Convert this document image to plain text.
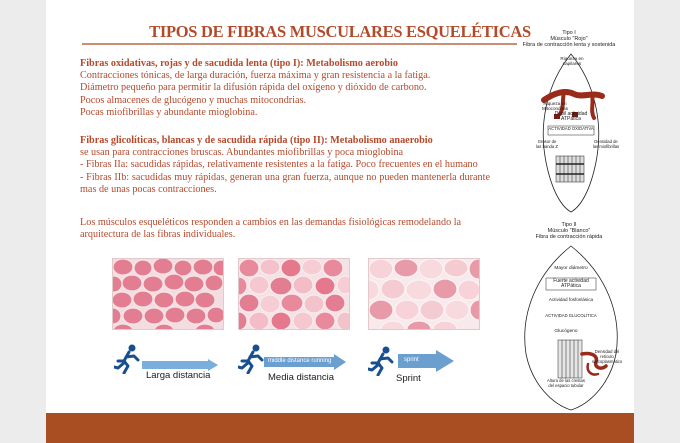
TIPOS DE FIBRAS MUSCULARES ESQUELÉTICAS
Fibras oxidativas, rojas y de sacudida lenta (tipo I): Metabolismo aerobio
Contracciones tónicas, de larga duración, fuerza máxima y gran resistencia a la fatiga.
Diámetro pequeño para permitir la difusión rápida del oxígeno y dióxido de carbono.
Pocos almacenes de glucógeno y muchas mitocondrias.
Pocas miofibrillas y abundante mioglobina.
Fibras glicolíticas, blancas y de sacudida rápida (tipo II): Metabolismo anaerobio
se usan para contracciones bruscas. Abundantes miofibrillas y poca mioglobina
- Fibras IIa: sacudidas rápidas, relativamente resistentes a la fatiga. Poco frecuentes en el humano
- Fibras IIb: sacudidas muy rápidas, generan una gran fuerza, aunque no pueden mantenerla durante mas de unas pocas contracciones.
Los músculos esqueléticos responden a cambios en las demandas fisiológicas remodelando la arquitectura de las fibras individuales.
Larga distancia
middle distance running
Media distancia
sprint
Sprint
Tipo I
Músculo "Rojo"
Fibra de contracción lenta y sostenida
Riqueza en capilares
Riqueza en Mitocondrias
Débil actividad ATPática
ACTIVIDAD OXIDATIVA
Grosor de las banda Z
Densidad de las miofibrillas
Tipo II
Músculo "Blanco"
Fibra de contracción rápida
Mayor diámetro
Fuerte actividad ATPática
Actividad fosfonlásica
ACTIVIDAD GLUCOLÍTICA
Glucógeno
Densidad del reticulo sarcoplasmático
Altura de las crestas del espacio tubular
